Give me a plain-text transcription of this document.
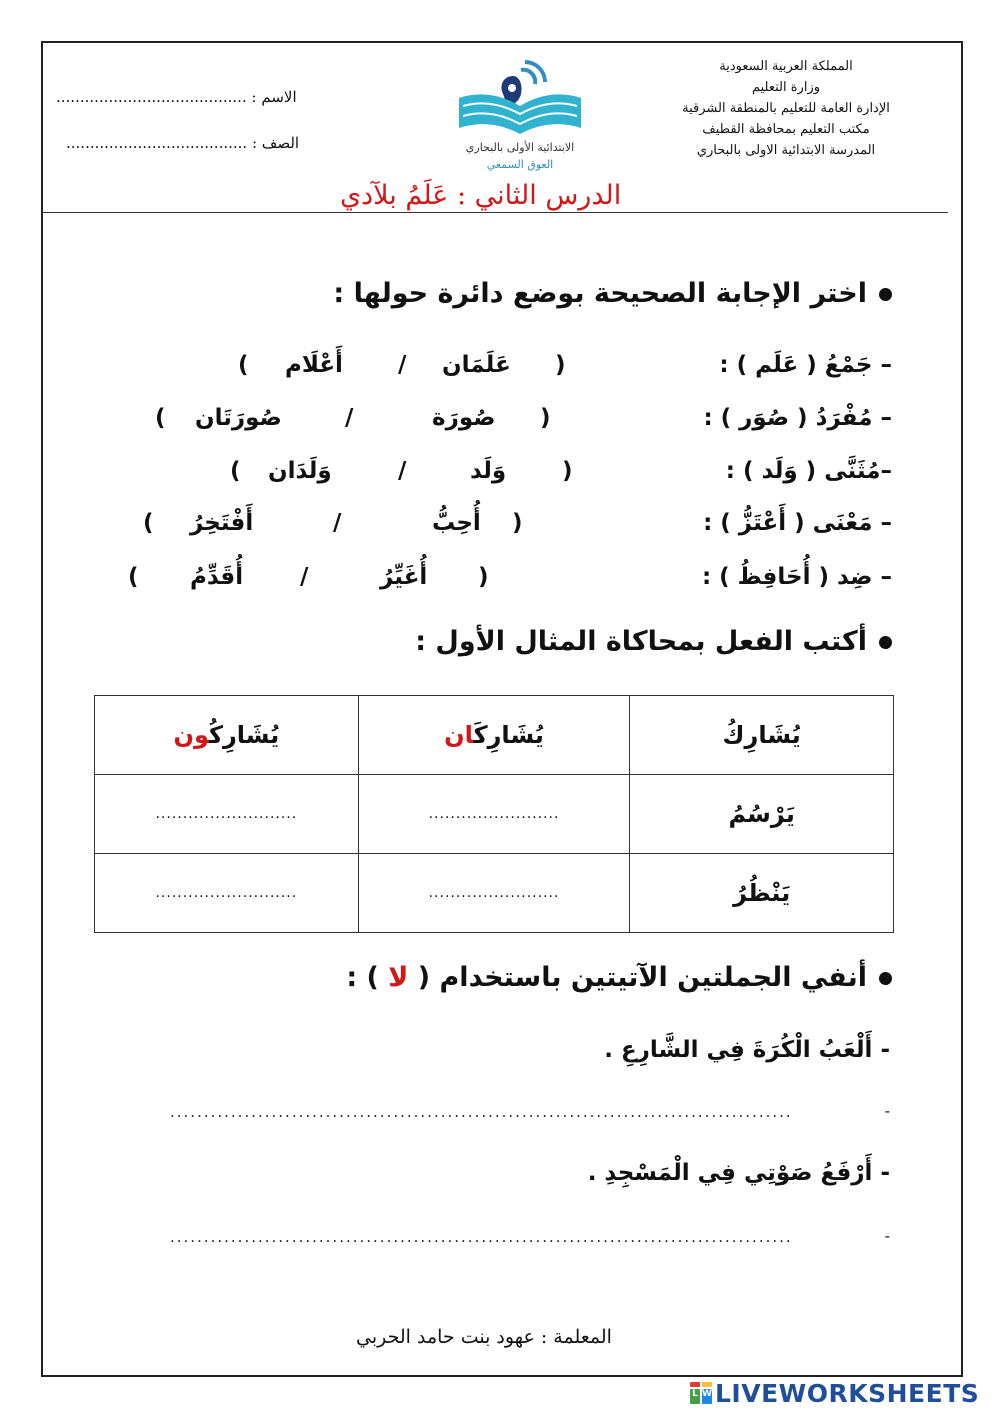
المملكة العربية السعودية
وزارة التعليم
الإدارة العامة للتعليم بالمنطقة الشرقية
مكتب التعليم بمحافظة القطيف
المدرسة الابتدائية الاولى بالبحاري
الابتدائية الأولى بالبحاري
العوق السمعي
الاسم : ........................................
الصف : ......................................
الدرس الثاني : عَلَمُ بلآدي
اختر الإجابة الصحيحة بوضع دائرة حولها :
– جَمْعُ ( عَلَم ) :
(
عَلَمَان
/
أَعْلَام
)
– مُفْرَدُ ( صُوَر ) :
(
صُورَة
/
صُورَتَان
)
–مُثَنَّى ( وَلَد ) :
(
وَلَد
/
وَلَدَان
)
– مَعْنَى ( أَعْتَزُّ ) :
(
أُحِبُّ
/
أَفْتَخِرُ
)
– ضِد ( أُحَافِظُ ) :
(
أُغَيِّرُ
/
أُقَدِّمُ
)
أكتب الفعل بمحاكاة المثال الأول :
يُشَارِكُ	يُشَارِكَان	يُشَارِكُون
يَرْسُمُ	........................	..........................
يَنْظُرُ	........................	..........................
أنفي الجملتين الآتيتين باستخدام ( لا ) :
- أَلْعَبُ الْكُرَةَ فِي الشَّارِعِ .
............................................................................................	-
- أَرْفَعُ صَوْتِي فِي الْمَسْجِدِ .
............................................................................................	-
المعلمة : عهود بنت حامد الحربي
L W LIVEWORKSHEETS
